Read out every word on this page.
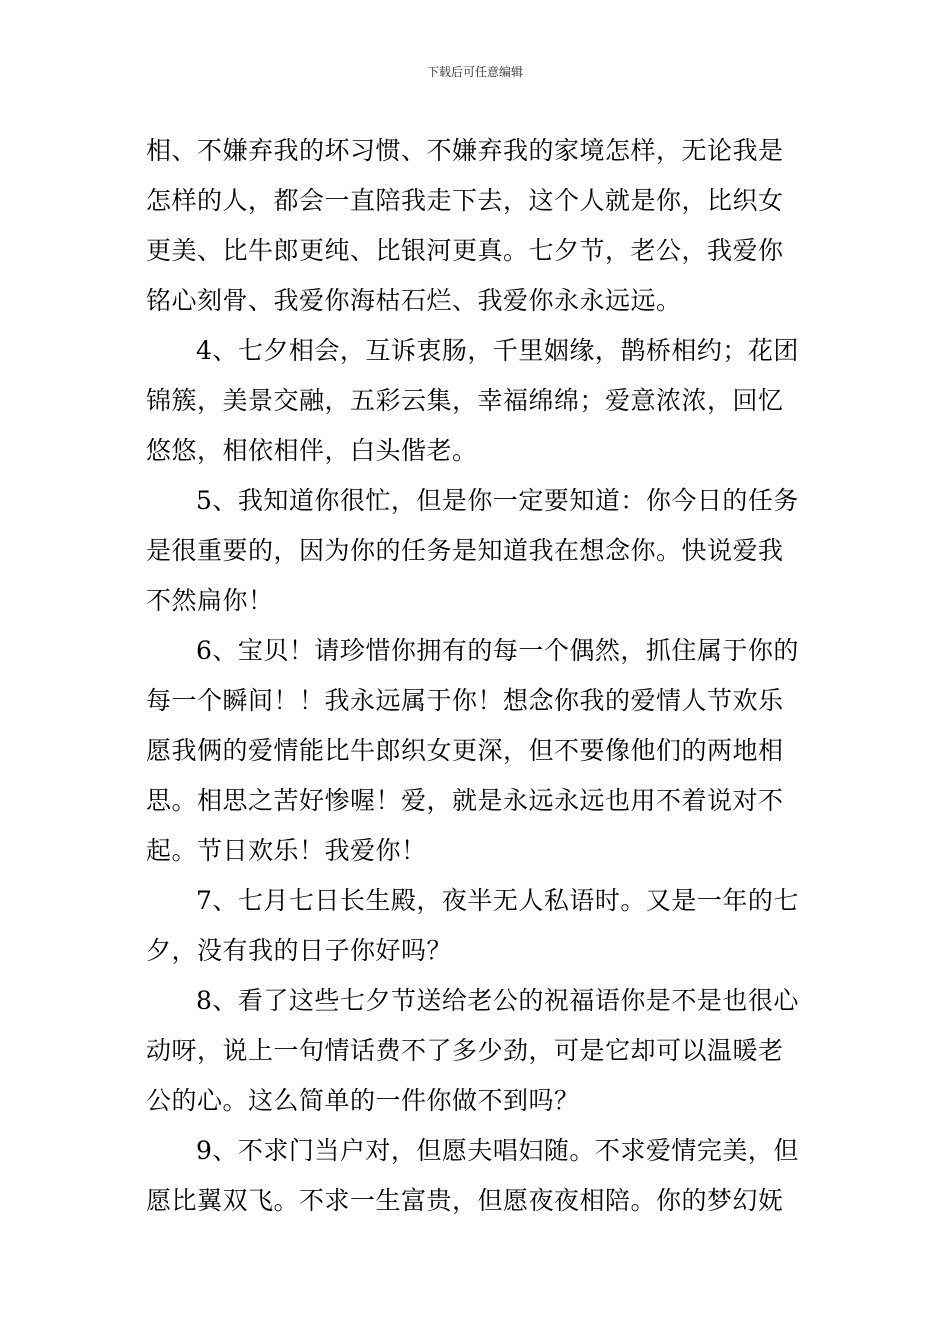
下载后可任意编辑
相、不嫌弃我的坏习惯、不嫌弃我的家境怎样，无论我是
怎样的人，都会一直陪我走下去，这个人就是你，比织女
更美、比牛郎更纯、比银河更真。七夕节，老公，我爱你
铭心刻骨、我爱你海枯石烂、我爱你永永远远。
4、七夕相会，互诉衷肠，千里姻缘，鹊桥相约；花团
锦簇，美景交融，五彩云集，幸福绵绵；爱意浓浓，回忆
悠悠，相依相伴，白头偕老。
5、我知道你很忙，但是你一定要知道：你今日的任务
是很重要的，因为你的任务是知道我在想念你。快说爱我
不然扁你！
6、宝贝！请珍惜你拥有的每一个偶然，抓住属于你的
每一个瞬间！！我永远属于你！想念你我的爱情人节欢乐
愿我俩的爱情能比牛郎织女更深，但不要像他们的两地相
思。相思之苦好惨喔！爱，就是永远永远也用不着说对不
起。节日欢乐！我爱你！
7、七月七日长生殿，夜半无人私语时。又是一年的七
夕，没有我的日子你好吗？
8、看了这些七夕节送给老公的祝福语你是不是也很心
动呀，说上一句情话费不了多少劲，可是它却可以温暖老
公的心。这么简单的一件你做不到吗？
9、不求门当户对，但愿夫唱妇随。不求爱情完美，但
愿比翼双飞。不求一生富贵，但愿夜夜相陪。你的梦幻妩
